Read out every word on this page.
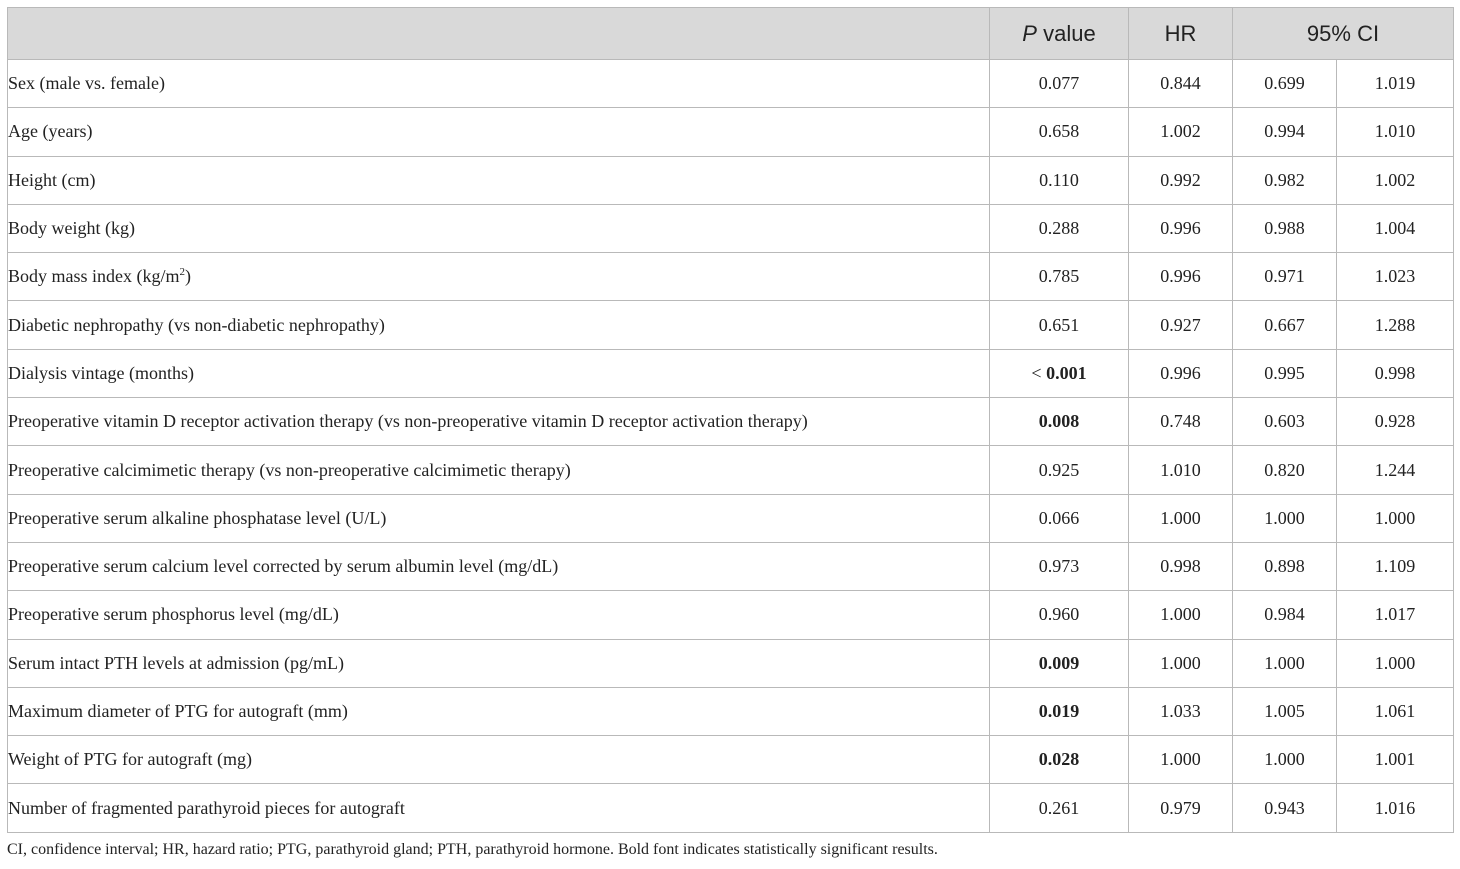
	P value	HR	95% CI	
Sex (male vs. female)	0.077	0.844	0.699	1.019
Age (years)	0.658	1.002	0.994	1.010
Height (cm)	0.110	0.992	0.982	1.002
Body weight (kg)	0.288	0.996	0.988	1.004
Body mass index $(kg/m^2)$	0.785	0.996	0.971	1.023
Diabetic nephropathy (vs non-diabetic nephropathy)	0.651	0.927	0.667	1.288
Dialysis vintage (months)	< 0.001	0.996	0.995	0.998
Preoperative vitamin D receptor activation therapy (vs non-preoperative vitamin D receptor activation therapy)	0.008	0.748	0.603	0.928
Preoperative calcimimetic therapy (vs non-preoperative calcimimetic therapy)	0.925	1.010	0.820	1.244
Preoperative serum alkaline phosphatase level (U/L)	0.066	1.000	1.000	1.000
Preoperative serum calcium level corrected by serum albumin level (mg/dL)	0.973	0.998	0.898	1.109
Preoperative serum phosphorus level (mg/dL)	0.960	1.000	0.984	1.017
Serum intact PTH levels at admission (pg/mL)	0.009	1.000	1.000	1.000
Maximum diameter of PTG for autograft (mm)	0.019	1.033	1.005	1.061
Weight of PTG for autograft (mg)	0.028	1.000	1.000	1.001
Number of fragmented parathyroid pieces for autograft	0.261	0.979	0.943	1.016
CI, confidence interval; HR, hazard ratio; PTG, parathyroid gland; PTH, parathyroid hormone. Bold font indicates statistically significant results.
